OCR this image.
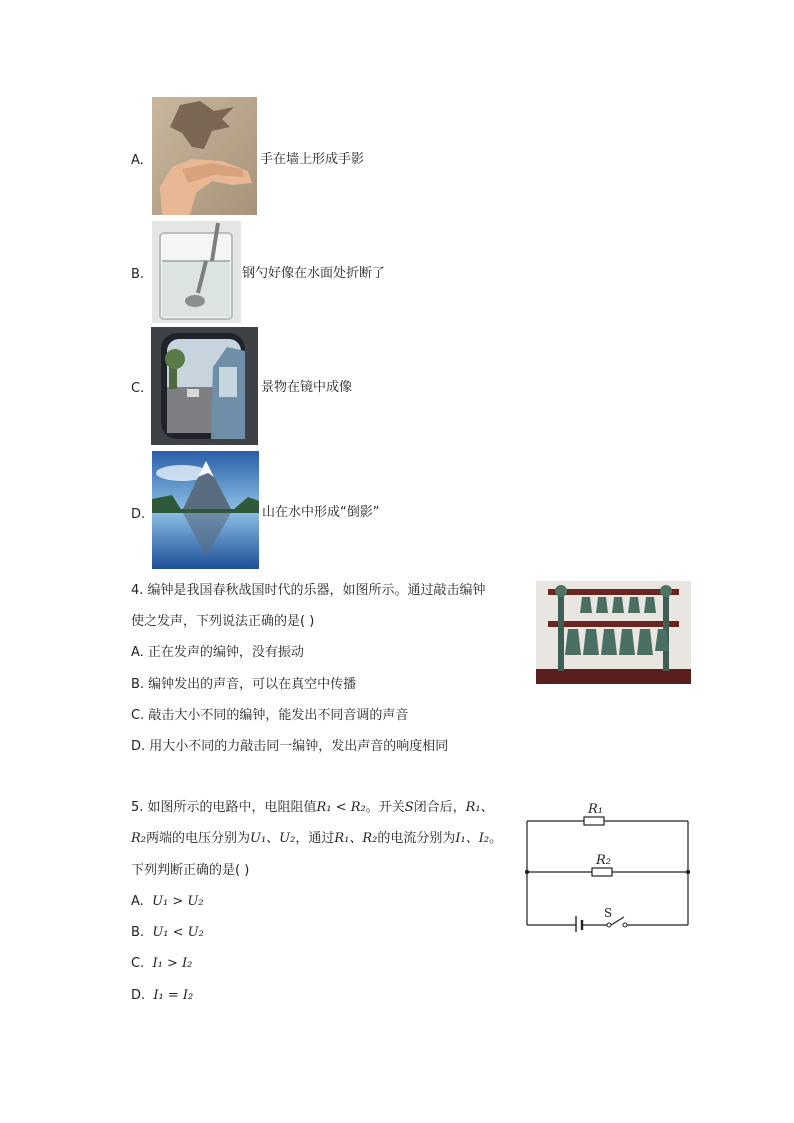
A.	手在墙上形成手影
B.	钢勺好像在水面处折断了
C.	景物在镜中成像
D.	山在水中形成“倒影”
4. 编钟是我国春秋战国时代的乐器，如图所示。通过敲击编钟
使之发声，下列说法正确的是( )
A. 正在发声的编钟，没有振动
B. 编钟发出的声音，可以在真空中传播
C. 敲击大小不同的编钟，能发出不同音调的声音
D. 用大小不同的力敲击同一编钟，发出声音的响度相同
5. 如图所示的电路中，电阻阻值R₁ < R₂。开关S闭合后，R₁、
R₂两端的电压分别为U₁、U₂，通过R₁、R₂的电流分别为I₁、I₂。
下列判断正确的是( )
A. U₁ > U₂
B. U₁ < U₂
C. I₁ > I₂
D. I₁ = I₂
R₁
R₂
S
